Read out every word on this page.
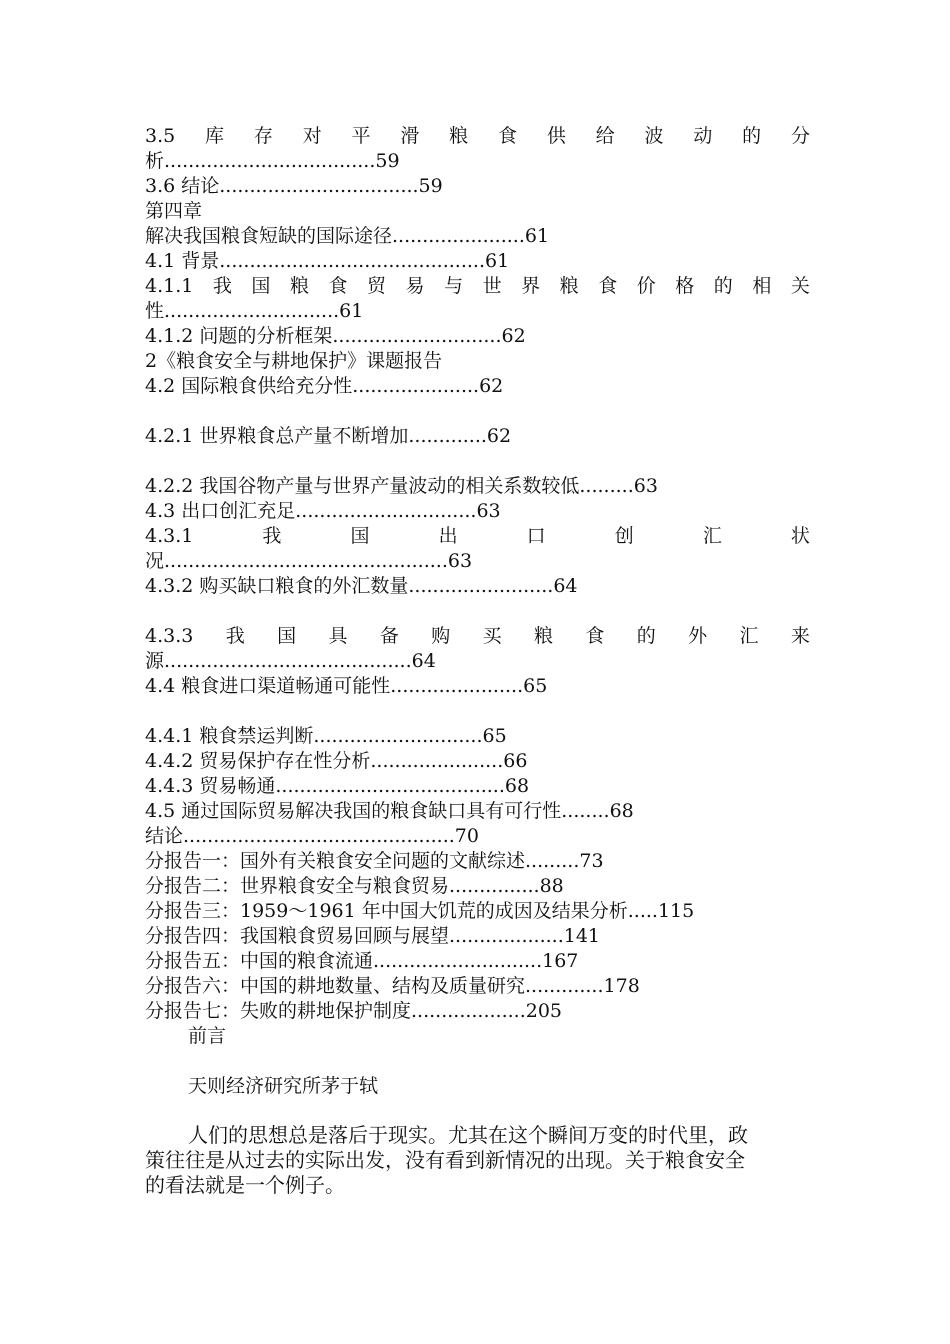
3.5 库 存 对 平 滑 粮 食 供 给 波 动 的 分
析...................................59
3.6 结论.................................59
第四章
解决我国粮食短缺的国际途径......................61
4.1 背景............................................61
4.1.1 我 国 粮 食 贸 易 与 世 界 粮 食 价 格 的 相 关
性.............................61
4.1.2 问题的分析框架............................62
2《粮食安全与耕地保护》课题报告
4.2 国际粮食供给充分性.....................62
4.2.1 世界粮食总产量不断增加.............62
4.2.2 我国谷物产量与世界产量波动的相关系数较低.........63
4.3 出口创汇充足..............................63
4.3.1	我	国	出	口	创	汇	状
况...............................................63
4.3.2 购买缺口粮食的外汇数量........................64
4.3.3 我 国 具 备 购 买 粮 食 的 外 汇 来
源.........................................64
4.4 粮食进口渠道畅通可能性......................65
4.4.1 粮食禁运判断............................65
4.4.2 贸易保护存在性分析......................66
4.4.3 贸易畅通......................................68
4.5 通过国际贸易解决我国的粮食缺口具有可行性........68
结论.............................................70
分报告一：国外有关粮食安全问题的文献综述.........73
分报告二：世界粮食安全与粮食贸易...............88
分报告三：1959～1961 年中国大饥荒的成因及结果分析.....115
分报告四：我国粮食贸易回顾与展望...................141
分报告五：中国的粮食流通............................167
分报告六：中国的耕地数量、结构及质量研究.............178
分报告七：失败的耕地保护制度...................205
前言
天则经济研究所茅于轼
人们的思想总是落后于现实。尤其在这个瞬间万变的时代里，政
策往往是从过去的实际出发，没有看到新情况的出现。关于粮食安全
的看法就是一个例子。
